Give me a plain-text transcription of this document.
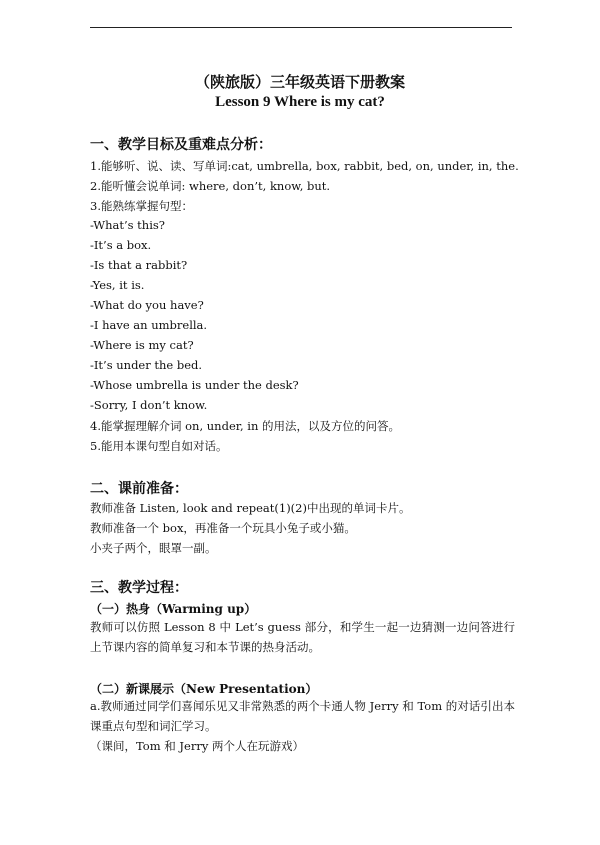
（陕旅版）三年级英语下册教案
Lesson 9 Where is my cat?
一、教学目标及重难点分析：
1.能够听、说、读、写单词:cat, umbrella, box, rabbit, bed, on, under, in, the.
2.能听懂会说单词: where, don’t, know, but.
3.能熟练掌握句型：
-What’s this?
-It’s a box.
-Is that a rabbit?
-Yes, it is.
-What do you have?
-I have an umbrella.
-Where is my cat?
-It’s under the bed.
-Whose umbrella is under the desk?
-Sorry, I don’t know.
4.能掌握理解介词 on, under, in 的用法，以及方位的问答。
5.能用本课句型自如对话。
二、课前准备：
教师准备 Listen, look and repeat(1)(2)中出现的单词卡片。
教师准备一个 box，再准备一个玩具小兔子或小猫。
小夹子两个，眼罩一副。
三、教学过程：
（一）热身（Warming up）
教师可以仿照 Lesson 8 中 Let’s guess 部分，和学生一起一边猜测一边问答进行上节课内容的简单复习和本节课的热身活动。
（二）新课展示（New Presentation）
a.教师通过同学们喜闻乐见又非常熟悉的两个卡通人物 Jerry 和 Tom 的对话引出本课重点句型和词汇学习。
（课间，Tom 和 Jerry 两个人在玩游戏）
